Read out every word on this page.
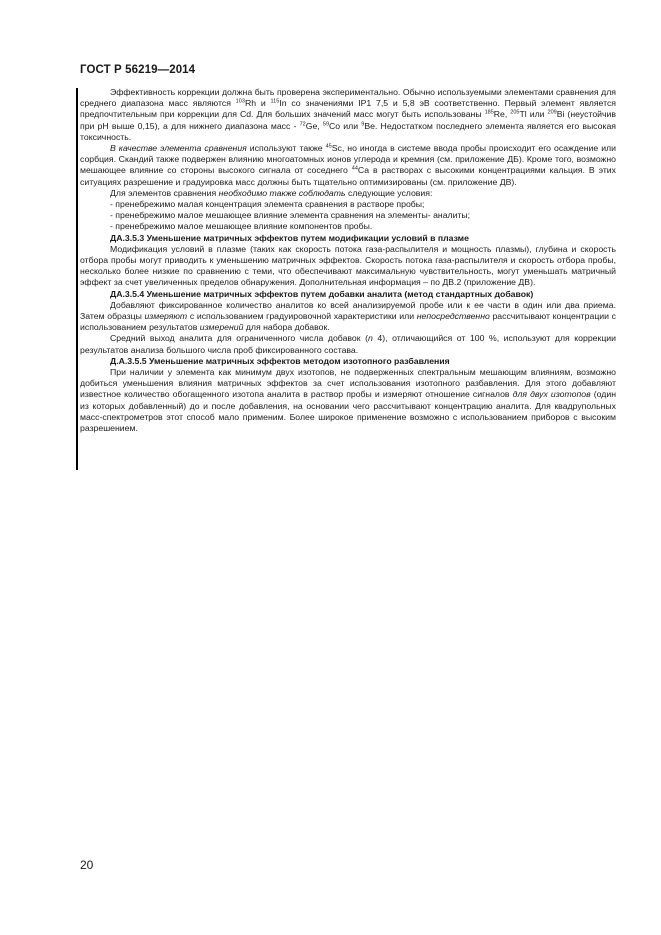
ГОСТ Р 56219—2014

Эффективность коррекции должна быть проверена экспериментально. Обычно используемыми элементами сравнения для среднего диапазона масс являются $^{103}$Rh и $^{115}$In со значениями IP1 7,5 и 5,8 эВ соответственно. Первый элемент является предпочтительным при коррекции для Cd. Для больших значений масс могут быть использованы $^{185}$Re, $^{205}$Tl или $^{209}$Bi (неустойчив при pH выше 0,15), а для нижнего диапазона масс - $^{72}$Ge, $^{59}$Co или $^9$Be. Недостатком последнего элемента является его высокая токсичность.

В качестве элемента сравнения используют также $^{45}$Sc, но иногда в системе ввода пробы происходит его осаждение или сорбция. Скандий также подвержен влиянию многоатомных ионов углерода и кремния (см. приложение ДБ). Кроме того, возможно мешающее влияние со стороны высокого сигнала от соседнего $^{44}$Ca в растворах с высокими концентрациями кальция. В этих ситуациях разрешение и градуировка масс должны быть тщательно оптимизированы (см. приложение ДВ).

Для элементов сравнения необходимо также соблюдать следующие условия:

- пренебрежимо малая концентрация элемента сравнения в растворе пробы;
- пренебрежимо малое мешающее влияние элемента сравнения на элементы- аналиты;
- пренебрежимо малое мешающее влияние компонентов пробы.

ДА.3.5.3 Уменьшение матричных эффектов путем модификации условий в плазме

Модификация условий в плазме (таких как скорость потока газа-распылителя и мощность плазмы), глубина и скорость отбора пробы могут приводить к уменьшению матричных эффектов. Скорость потока газа-распылителя и скорость отбора пробы, несколько более низкие по сравнению с теми, что обеспечивают максимальную чувствительность, могут уменьшать матричный эффект за счет увеличенных пределов обнаружения. Дополнительная информация – по ДВ.2 (приложение ДВ).

ДА.3.5.4 Уменьшение матричных эффектов путем добавки аналита (метод стандартных добавок)

Добавляют фиксированное количество аналитов ко всей анализируемой пробе или к ее части в один или два приема. Затем образцы измеряют с использованием градуировочной характеристики или непосредственно рассчитывают концентрации с использованием результатов измерений для набора добавок.

Средний выход аналита для ограниченного числа добавок (n 4), отличающийся от 100 %, используют для коррекции результатов анализа большого числа проб фиксированного состава.

Д.А.3.5.5 Уменьшение матричных эффектов методом изотопного разбавления

При наличии у элемента как минимум двух изотопов, не подверженных спектральным мешающим влияниям, возможно добиться уменьшения влияния матричных эффектов за счет использования изотопного разбавления. Для этого добавляют известное количество обогащенного изотопа аналита в раствор пробы и измеряют отношение сигналов для двух изотопов (один из которых добавленный) до и после добавления, на основании чего рассчитывают концентрацию аналита. Для квадрупольных масс-спектрометров этот способ мало применим. Более широкое применение возможно с использованием приборов с высоким разрешением.

20
